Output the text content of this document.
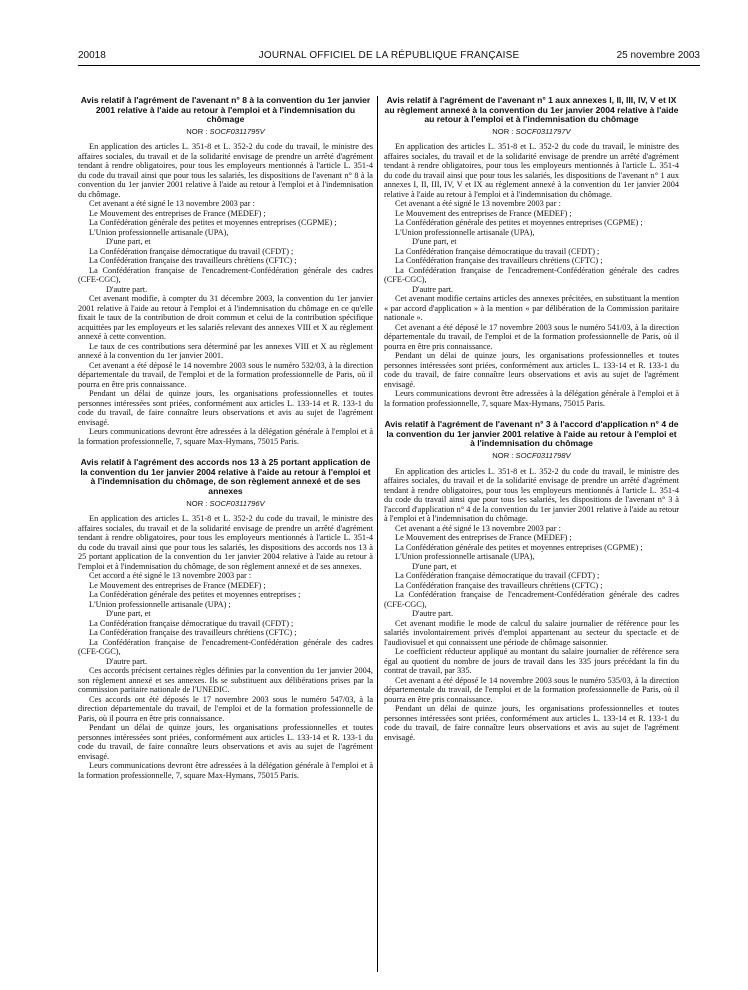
20018	JOURNAL OFFICIEL DE LA RÉPUBLIQUE FRANÇAISE	25 novembre 2003
Avis relatif à l'agrément de l'avenant n° 8 à la convention du 1er janvier 2001 relative à l'aide au retour à l'emploi et à l'indemnisation du chômage
NOR : SOCF0311795V

En application des articles L. 351-8 et L. 352-2 du code du travail, le ministre des affaires sociales, du travail et de la solidarité envisage de prendre un arrêté d'agrément tendant à rendre obligatoires, pour tous les employeurs mentionnés à l'article L. 351-4 du code du travail ainsi que pour tous les salariés, les dispositions de l'avenant n° 8 à la convention du 1er janvier 2001 relative à l'aide au retour à l'emploi et à l'indemnisation du chômage.

Cet avenant a été signé le 13 novembre 2003 par :

Le Mouvement des entreprises de France (MEDEF) ;

La Confédération générale des petites et moyennes entreprises (CGPME) ;

L'Union professionnelle artisanale (UPA),

D'une part, et

La Confédération française démocratique du travail (CFDT) ;

La Confédération française des travailleurs chrétiens (CFTC) ;

La Confédération française de l'encadrement-Confédération générale des cadres (CFE-CGC),

D'autre part.

Cet avenant modifie, à compter du 31 décembre 2003, la convention du 1er janvier 2001 relative à l'aide au retour à l'emploi et à l'indemnisation du chômage en ce qu'elle fixait le taux de la contribution de droit commun et celui de la contribution spécifique acquittées par les employeurs et les salariés relevant des annexes VIII et X au règlement annexé à cette convention.

Le taux de ces contributions sera déterminé par les annexes VIII et X au règlement annexé à la convention du 1er janvier 2001.

Cet avenant a été déposé le 14 novembre 2003 sous le numéro 532/03, à la direction départementale du travail, de l'emploi et de la formation professionnelle de Paris, où il pourra en être pris connaissance.

Pendant un délai de quinze jours, les organisations professionnelles et toutes personnes intéressées sont priées, conformément aux articles L. 133-14 et R. 133-1 du code du travail, de faire connaître leurs observations et avis au sujet de l'agrément envisagé.

Leurs communications devront être adressées à la délégation générale à l'emploi et à la formation professionnelle, 7, square Max-Hymans, 75015 Paris.

Avis relatif à l'agrément des accords nos 13 à 25 portant application de la convention du 1er janvier 2004 relative à l'aide au retour à l'emploi et à l'indemnisation du chômage, de son règlement annexé et de ses annexes
NOR : SOCF0311796V

En application des articles L. 351-8 et L. 352-2 du code du travail, le ministre des affaires sociales, du travail et de la solidarité envisage de prendre un arrêté d'agrément tendant à rendre obligatoires, pour tous les employeurs mentionnés à l'article L. 351-4 du code du travail ainsi que pour tous les salariés, les dispositions des accords nos 13 à 25 portant application de la convention du 1er janvier 2004 relative à l'aide au retour à l'emploi et à l'indemnisation du chômage, de son règlement annexé et de ses annexes.

Cet accord a été signé le 13 novembre 2003 par :

Le Mouvement des entreprises de France (MEDEF) ;

La Confédération générale des petites et moyennes entreprises ;

L'Union professionnelle artisanale (UPA) ;

D'une part, et

La Confédération française démocratique du travail (CFDT) ;

La Confédération française des travailleurs chrétiens (CFTC) ;

La Confédération française de l'encadrement-Confédération générale des cadres (CFE-CGC),

D'autre part.

Ces accords précisent certaines règles définies par la convention du 1er janvier 2004, son règlement annexé et ses annexes. Ils se substituent aux délibérations prises par la commission paritaire nationale de l'UNEDIC.

Ces accords ont été déposés le 17 novembre 2003 sous le numéro 547/03, à la direction départementale du travail, de l'emploi et de la formation professionnelle de Paris, où il pourra en être pris connaissance.

Pendant un délai de quinze jours, les organisations professionnelles et toutes personnes intéressées sont priées, conformément aux articles L. 133-14 et R. 133-1 du code du travail, de faire connaître leurs observations et avis au sujet de l'agrément envisagé.

Leurs communications devront être adressées à la délégation générale à l'emploi et à la formation professionnelle, 7, square Max-Hymans, 75015 Paris.

Avis relatif à l'agrément de l'avenant n° 1 aux annexes I, II, III, IV, V et IX au règlement annexé à la convention du 1er janvier 2004 relative à l'aide au retour à l'emploi et à l'indemnisation du chômage
NOR : SOCF0311797V

En application des articles L. 351-8 et L. 352-2 du code du travail, le ministre des affaires sociales, du travail et de la solidarité envisage de prendre un arrêté d'agrément tendant à rendre obligatoires, pour tous les employeurs mentionnés à l'article L. 351-4 du code du travail ainsi que pour tous les salariés, les dispositions de l'avenant n° 1 aux annexes I, II, III, IV, V et IX au règlement annexé à la convention du 1er janvier 2004 relative à l'aide au retour à l'emploi et à l'indemnisation du chômage.

Cet avenant a été signé le 13 novembre 2003 par :

Le Mouvement des entreprises de France (MEDEF) ;

La Confédération générale des petites et moyennes entreprises (CGPME) ;

L'Union professionnelle artisanale (UPA),

D'une part, et

La Confédération française démocratique du travail (CFDT) ;

La Confédération française des travailleurs chrétiens (CFTC) ;

La Confédération française de l'encadrement-Confédération générale des cadres (CFE-CGC),

D'autre part.

Cet avenant modifie certains articles des annexes précitées, en substituant la mention « par accord d'application » à la mention « par délibération de la Commission paritaire nationale ».

Cet avenant a été déposé le 17 novembre 2003 sous le numéro 541/03, à la direction départementale du travail, de l'emploi et de la formation professionnelle de Paris, où il pourra en être pris connaissance.

Pendant un délai de quinze jours, les organisations professionnelles et toutes personnes intéressées sont priées, conformément aux articles L. 133-14 et R. 133-1 du code du travail, de faire connaître leurs observations et avis au sujet de l'agrément envisagé.

Leurs communications devront être adressées à la délégation générale à l'emploi et à la formation professionnelle, 7, square Max-Hymans, 75015 Paris.

Avis relatif à l'agrément de l'avenant n° 3 à l'accord d'application n° 4 de la convention du 1er janvier 2001 relative à l'aide au retour à l'emploi et à l'indemnisation du chômage
NOR : SOCF0311798V

En application des articles L. 351-8 et L. 352-2 du code du travail, le ministre des affaires sociales, du travail et de la solidarité envisage de prendre un arrêté d'agrément tendant à rendre obligatoires, pour tous les employeurs mentionnés à l'article L. 351-4 du code du travail ainsi que pour tous les salariés, les dispositions de l'avenant n° 3 à l'accord d'application n° 4 de la convention du 1er janvier 2001 relative à l'aide au retour à l'emploi et à l'indemnisation du chômage.

Cet avenant a été signé le 13 novembre 2003 par :

Le Mouvement des entreprises de France (MEDEF) ;

La Confédération générale des petites et moyennes entreprises (CGPME) ;

L'Union professionnelle artisanale (UPA),

D'une part, et

La Confédération française démocratique du travail (CFDT) ;

La Confédération française des travailleurs chrétiens (CFTC) ;

La Confédération française de l'encadrement-Confédération générale des cadres (CFE-CGC),

D'autre part.

Cet avenant modifie le mode de calcul du salaire journalier de référence pour les salariés involontairement privés d'emploi appartenant au secteur du spectacle et de l'audiovisuel et qui connaissent une période de chômage saisonnier.

Le coefficient réducteur appliqué au montant du salaire journalier de référence sera égal au quotient du nombre de jours de travail dans les 335 jours précédant la fin du contrat de travail, par 335.

Cet avenant a été déposé le 14 novembre 2003 sous le numéro 535/03, à la direction départementale du travail, de l'emploi et de la formation professionnelle de Paris, où il pourra en être pris connaissance.

Pendant un délai de quinze jours, les organisations professionnelles et toutes personnes intéressées sont priées, conformément aux articles L. 133-14 et R. 133-1 du code du travail, de faire connaître leurs observations et avis au sujet de l'agrément envisagé.
